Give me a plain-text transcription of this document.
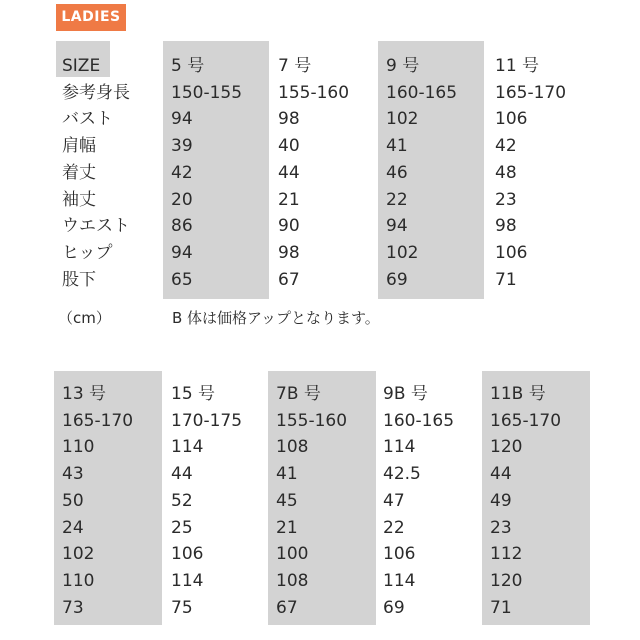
LADIES
SIZE
参考身長
バスト
肩幅
着丈
袖丈
ウエスト
ヒップ
股下
5 号
150-155
94
39
42
20
86
94
65
7 号
155-160
98
40
44
21
90
98
67
9 号
160-165
102
41
46
22
94
102
69
11 号
165-170
106
42
48
23
98
106
71
13 号
165-170
110
43
50
24
102
110
73
15 号
170-175
114
44
52
25
106
114
75
7B 号
155-160
108
41
45
21
100
108
67
9B 号
160-165
114
42.5
47
22
106
114
69
11B 号
165-170
120
44
49
23
112
120
71
（cm）	B 体は価格アップとなります。
